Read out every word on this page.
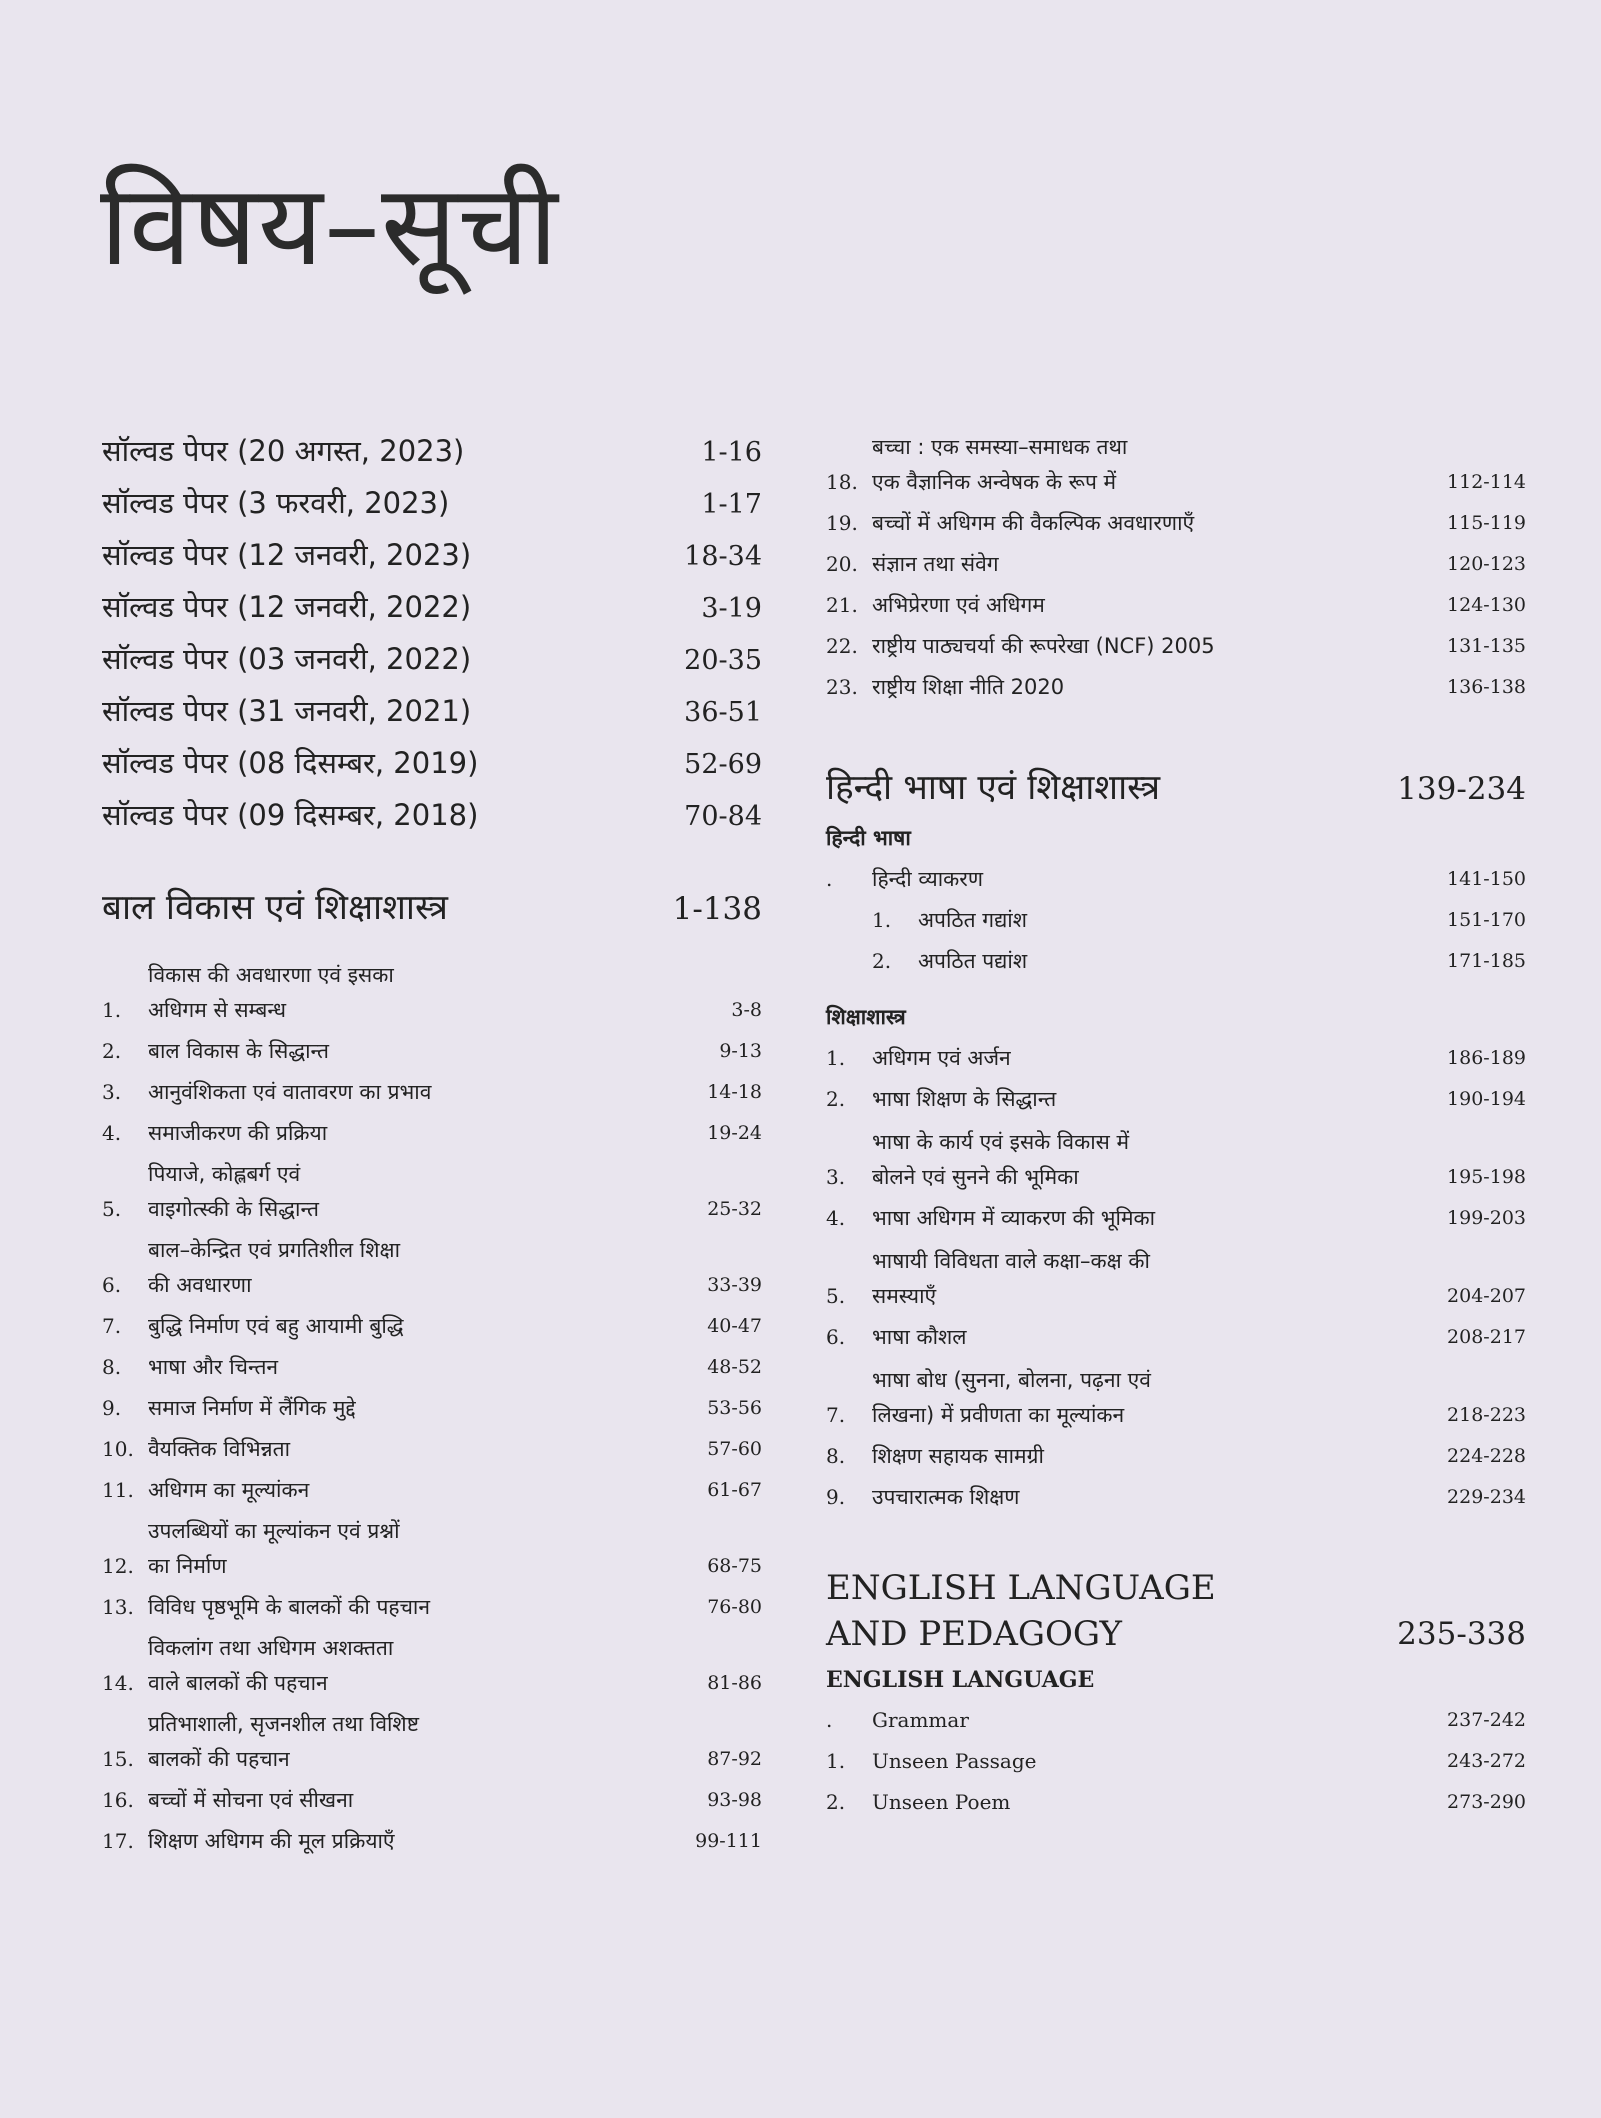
विषय–सूची
सॉल्वड पेपर (20 अगस्त, 2023)	1-16
सॉल्वड पेपर (3 फरवरी, 2023)	1-17
सॉल्वड पेपर (12 जनवरी, 2023)	18-34
सॉल्वड पेपर (12 जनवरी, 2022)	3-19
सॉल्वड पेपर (03 जनवरी, 2022)	20-35
सॉल्वड पेपर (31 जनवरी, 2021)	36-51
सॉल्वड पेपर (08 दिसम्बर, 2019)	52-69
सॉल्वड पेपर (09 दिसम्बर, 2018)	70-84
बाल विकास एवं शिक्षाशास्त्र	1-138
1.
विकास की अवधारणा एवं इसका
अधिगम से सम्बन्ध	3-8
2.	बाल विकास के सिद्धान्त	9-13
3.	आनुवंशिकता एवं वातावरण का प्रभाव	14-18
4.	समाजीकरण की प्रक्रिया	19-24
5.
पियाजे, कोह्लबर्ग एवं
वाइगोत्स्की के सिद्धान्त	25-32
6.
बाल–केन्द्रित एवं प्रगतिशील शिक्षा
की अवधारणा	33-39
7.	बुद्धि निर्माण एवं बहु आयामी बुद्धि	40-47
8.	भाषा और चिन्तन	48-52
9.	समाज निर्माण में लैंगिक मुद्दे	53-56
10. वैयक्तिक विभिन्नता	57-60
11. अधिगम का मूल्यांकन	61-67
12.
उपलब्धियों का मूल्यांकन एवं प्रश्नों
का निर्माण	68-75
13. विविध पृष्ठभूमि के बालकों की पहचान	76-80
14.
विकलांग तथा अधिगम अशक्तता
वाले बालकों की पहचान	81-86
15.
प्रतिभाशाली, सृजनशील तथा विशिष्ट
बालकों की पहचान	87-92
16. बच्चों में सोचना एवं सीखना	93-98
17. शिक्षण अधिगम की मूल प्रक्रियाएँ	99-111
18.
बच्चा : एक समस्या–समाधक तथा
एक वैज्ञानिक अन्वेषक के रूप में	112-114
19. बच्चों में अधिगम की वैकल्पिक अवधारणाएँ	115-119
20. संज्ञान तथा संवेग	120-123
21. अभिप्रेरणा एवं अधिगम	124-130
22. राष्ट्रीय पाठ्यचर्या की रूपरेखा (NCF) 2005	131-135
23. राष्ट्रीय शिक्षा नीति 2020	136-138
हिन्दी भाषा एवं शिक्षाशास्त्र	139-234
हिन्दी भाषा
.	हिन्दी व्याकरण	141-150
1.	अपठित गद्यांश	151-170
2.	अपठित पद्यांश	171-185
शिक्षाशास्त्र
1.	अधिगम एवं अर्जन	186-189
2.	भाषा शिक्षण के सिद्धान्त	190-194
3.
भाषा के कार्य एवं इसके विकास में
बोलने एवं सुनने की भूमिका	195-198
4.	भाषा अधिगम में व्याकरण की भूमिका	199-203
5.
भाषायी विविधता वाले कक्षा–कक्ष की
समस्याएँ	204-207
6.	भाषा कौशल	208-217
7.
भाषा बोध (सुनना, बोलना, पढ़ना एवं
लिखना) में प्रवीणता का मूल्यांकन	218-223
8.	शिक्षण सहायक सामग्री	224-228
9.	उपचारात्मक शिक्षण	229-234
ENGLISH LANGUAGE
AND PEDAGOGY	235-338
ENGLISH LANGUAGE
.	Grammar	237-242
1.	Unseen Passage	243-272
2.	Unseen Poem	273-290
